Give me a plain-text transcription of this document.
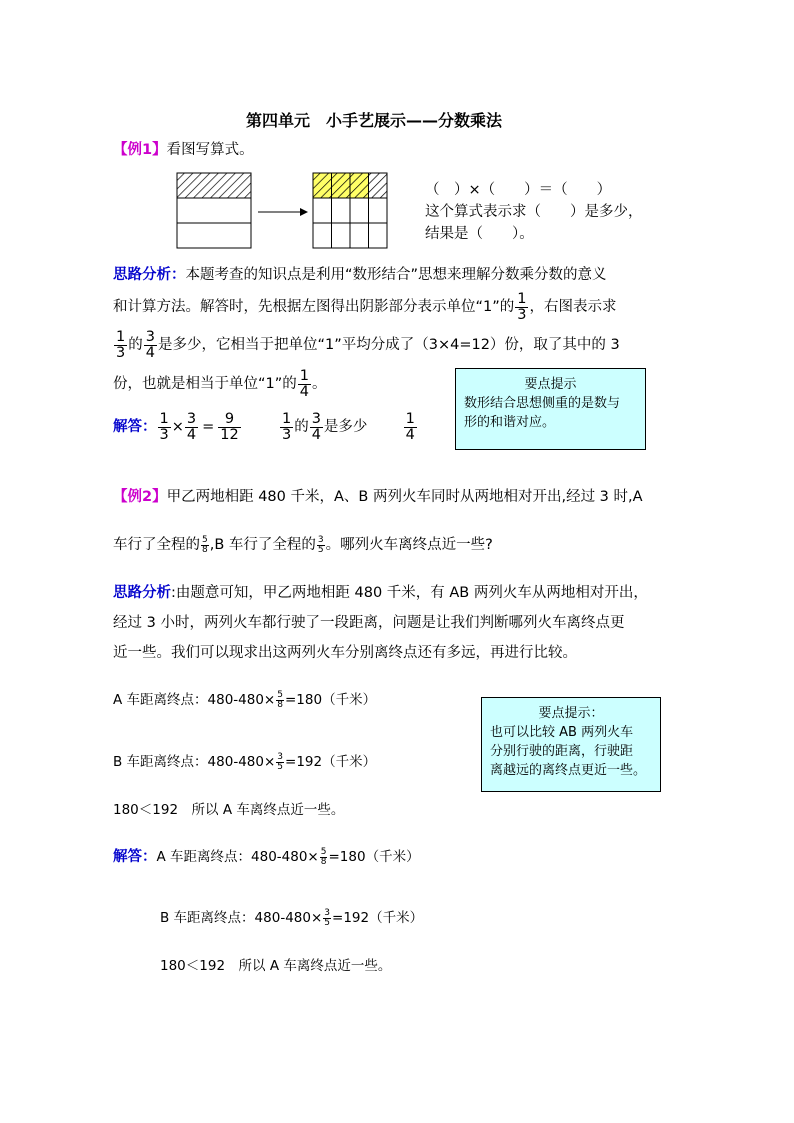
第四单元　小手艺展示——分数乘法
【例1】看图写算式。
（　）×（　　）＝（　　）
这个算式表示求（　　）是多少，
结果是（　　）。
思路分析：本题考查的知识点是利用“数形结合”思想来理解分数乘分数的意义
和计算方法。解答时，先根据左图得出阴影部分表示单位“1”的 $\frac{1}{3}$ ，右图表示求
$\frac{1}{3}$ 的 $\frac{3}{4}$ 是多少，它相当于把单位“1”平均分成了（3×4=12）份，取了其中的 3
份，也就是相当于单位“1”的 $\frac{1}{4}$ 。
解答： $\frac{1}{3} \times \frac{3}{4} = \frac{9}{12}$
	$\frac{1}{3}$ 的 $\frac{3}{4}$ 是多少 $\frac{1}{4}$
要点提示
数形结合思想侧重的是数与
形的和谐对应。
【例2】甲乙两地相距 480 千米，A、B 两列火车同时从两地相对开出,经过 3 时,A
车行了全程的 $\frac{5}{8} ,B$ 车行了全程的 $\frac{3}{5}$ 。哪列火车离终点近一些?
思路分析:由题意可知，甲乙两地相距 480 千米，有 AB 两列火车从两地相对开出，
经过 3 小时，两列火车都行驶了一段距离，问题是让我们判断哪列火车离终点更
近一些。我们可以现求出这两列火车分别离终点还有多远，再进行比较。
A 车距离终点：$480-480\times \frac{5}{8} =180$（千米）
B 车距离终点：$480-480\times \frac{3}{5} =192$（千米）
180＜192　所以 A 车离终点近一些。
要点提示：
也可以比较 AB 两列火车
分别行驶的距离，行驶距
离越远的离终点更近一些。
解答：A 车距离终点：$480-480\times \frac{5}{8} =180$（千米）
B 车距离终点：$480-480\times \frac{3}{5} =192$（千米）
180＜192　所以 A 车离终点近一些。
